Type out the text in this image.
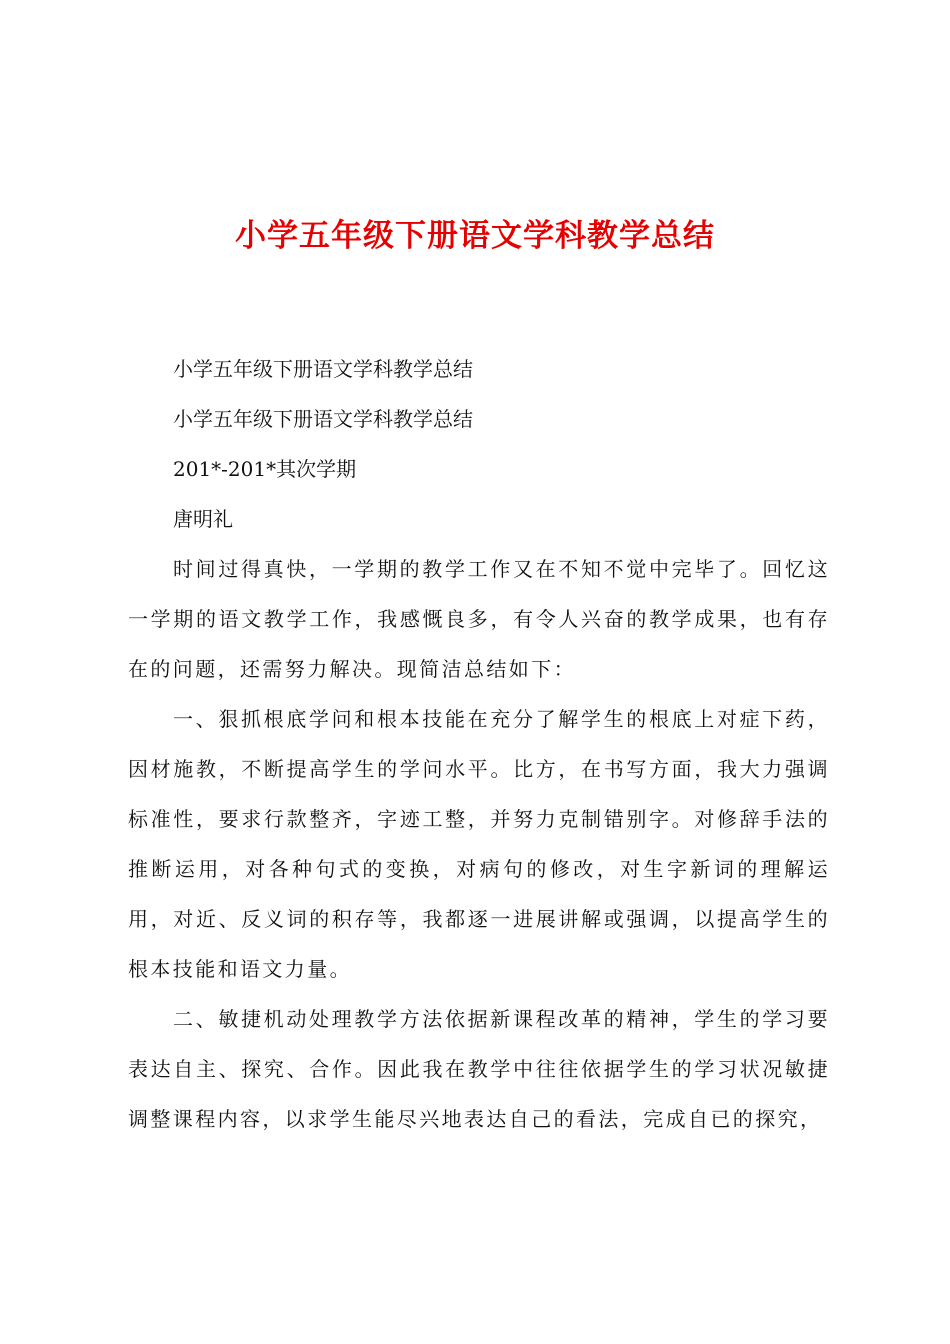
小学五年级下册语文学科教学总结

小学五年级下册语文学科教学总结

小学五年级下册语文学科教学总结

201*-201*其次学期

唐明礼

时间过得真快，一学期的教学工作又在不知不觉中完毕了。回忆这一学期的语文教学工作，我感慨良多，有令人兴奋的教学成果，也有存在的问题，还需努力解决。现简洁总结如下：

一、狠抓根底学问和根本技能在充分了解学生的根底上对症下药，因材施教，不断提高学生的学问水平。比方，在书写方面，我大力强调标准性，要求行款整齐，字迹工整，并努力克制错别字。对修辞手法的推断运用，对各种句式的变换，对病句的修改，对生字新词的理解运用，对近、反义词的积存等，我都逐一进展讲解或强调，以提高学生的根本技能和语文力量。

二、敏捷机动处理教学方法依据新课程改革的精神，学生的学习要表达自主、探究、合作。因此我在教学中往往依据学生的学习状况敏捷调整课程内容，以求学生能尽兴地表达自己的看法，完成自已的探究，
